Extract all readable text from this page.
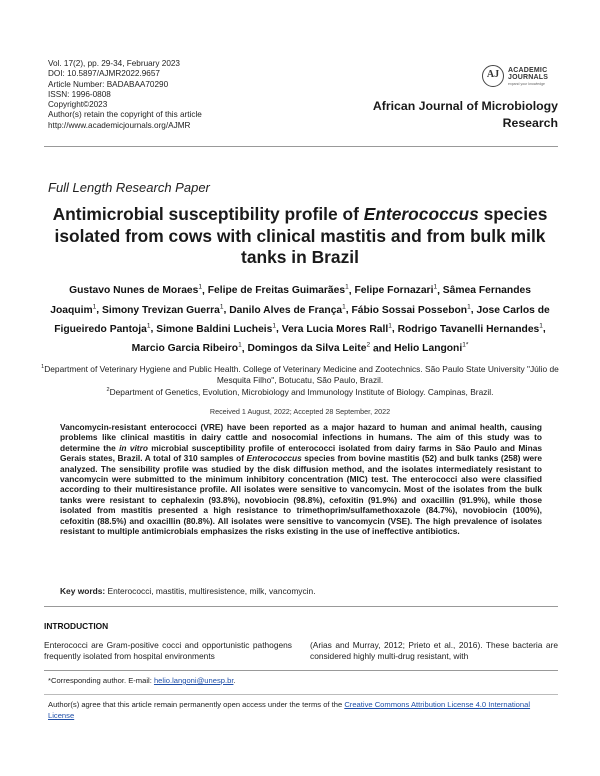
Vol. 17(2), pp. 29-34, February 2023
DOI: 10.5897/AJMR2022.9657
Article Number: BADABAA70290
ISSN: 1996-0808
Copyright©2023
Author(s) retain the copyright of this article
http://www.academicjournals.org/AJMR
AJ	ACADEMIC
JOURNALS
expand your knowledge
African Journal of Microbiology
Research
Full Length Research Paper
Antimicrobial susceptibility profile of Enterococcus species isolated from cows with clinical mastitis and from bulk milk tanks in Brazil
Gustavo Nunes de Moraes$^1$, Felipe de Freitas Guimarães$^1$, Felipe Fornazari$^1$, Sâmea Fernandes Joaquim$^1$, Simony Trevizan Guerra$^1$, Danilo Alves de França$^1$, Fábio Sossai Possebon$^1$, Jose Carlos de Figueiredo Pantoja$^1$, Simone Baldini Lucheis$^1$, Vera Lucia Mores Rall$^1$, Rodrigo Tavanelli Hernandes$^1$, Marcio Garcia Ribeiro$^1$, Domingos da Silva Leite$^2$ and Helio Langoni$^{1*}$
$^1$Department of Veterinary Hygiene and Public Health. College of Veterinary Medicine and Zootechnics. São Paulo State University "Júlio de Mesquita Filho", Botucatu, São Paulo, Brazil.
$^2$Department of Genetics, Evolution, Microbiology and Immunology Institute of Biology. Campinas, Brazil.
Received 1 August, 2022; Accepted 28 September, 2022
Vancomycin-resistant enterococci (VRE) have been reported as a major hazard to human and animal health, causing problems like clinical mastitis in dairy cattle and nosocomial infections in humans. The aim of this study was to determine the in vitro microbial susceptibility profile of enterococci isolated from dairy farms in São Paulo and Minas Gerais states, Brazil. A total of 310 samples of Enterococcus species from bovine mastitis (52) and bulk tanks (258) were analyzed. The sensibility profile was studied by the disk diffusion method, and the isolates intermediately resistant to vancomycin were submitted to the minimum inhibitory concentration (MIC) test. The enterococci also were classified according to their multiresistance profile. All isolates were sensitive to vancomycin. Most of the isolates from the bulk tanks were resistant to cephalexin (93.8%), novobiocin (98.8%), cefoxitin (91.9%) and oxacillin (91.9%), while those isolated from mastitis presented a high resistance to trimethoprim/sulfamethoxazole (84.7%), novobiocin (100%), cefoxitin (88.5%) and oxacillin (80.8%). All isolates were sensitive to vancomycin (VSE). The high prevalence of isolates resistant to multiple antimicrobials emphasizes the risks existing in the use of ineffective antibiotics.
Key words: Enterococci, mastitis, multiresistence, milk, vancomycin.
INTRODUCTION
Enterococci are Gram-positive cocci and opportunistic pathogens frequently isolated from hospital environments
(Arias and Murray, 2012; Prieto et al., 2016). These bacteria are considered highly multi-drug resistant, with
*Corresponding author. E-mail: helio.langoni@unesp.br.
Author(s) agree that this article remain permanently open access under the terms of the Creative Commons Attribution License 4.0 International License
